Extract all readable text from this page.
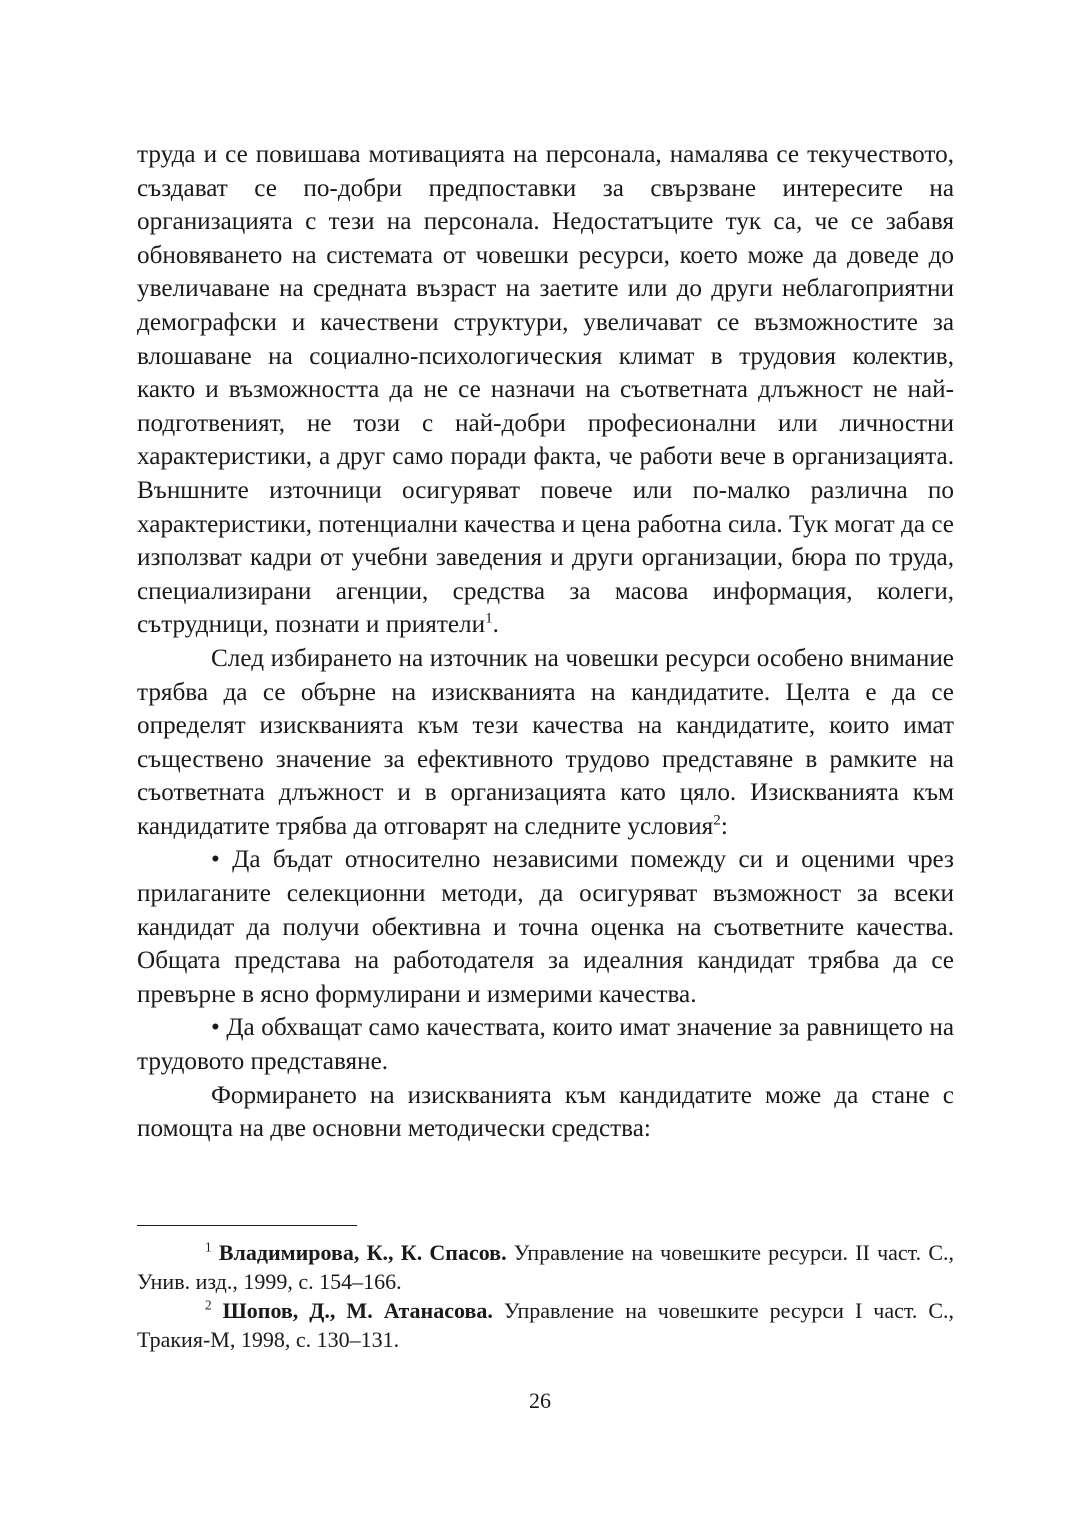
труда и се повишава мотивацията на персонала, намалява се текучеството, създават се по-добри предпоставки за свързване интересите на организацията с тези на персонала. Недостатъците тук са, че се забавя обновяването на системата от човешки ресурси, което може да доведе до увеличаване на средната възраст на заетите или до други неблагоприятни демографски и качествени структури, увеличават се възможностите за влошаване на социално-психологическия климат в трудовия колектив, както и възможността да не се назначи на съответната длъжност не най-подготвеният, не този с най-добри професионални или личностни характеристики, а друг само поради факта, че работи вече в организацията. Външните източници осигуряват повече или по-малко различна по характеристики, потенциални качества и цена работна сила. Тук могат да се използват кадри от учебни заведения и други организации, бюра по труда, специализирани агенции, средства за масова информация, колеги, сътрудници, познати и приятели$^1$.

След избирането на източник на човешки ресурси особено внимание трябва да се обърне на изискванията на кандидатите. Целта е да се определят изискванията към тези качества на кандидатите, които имат съществено значение за ефективното трудово представяне в рамките на съответната длъжност и в организацията като цяло. Изискванията към кандидатите трябва да отговарят на следните условия$^2$:

• Да бъдат относително независими помежду си и оценими чрез прилаганите селекционни методи, да осигуряват възможност за всеки кандидат да получи обективна и точна оценка на съответните качества. Общата представа на работодателя за идеалния кандидат трябва да се превърне в ясно формулирани и измерими качества.

• Да обхващат само качествата, които имат значение за равнището на трудовото представяне.

Формирането на изискванията към кандидатите може да стане с помощта на две основни методически средства:

$^1$ Владимирова, К., К. Спасов. Управление на човешките ресурси. II част. С., Унив. изд., 1999, с. 154–166.

$^2$ Шопов, Д., М. Атанасова. Управление на човешките ресурси I част. С., Тракия-М, 1998, с. 130–131.

26
